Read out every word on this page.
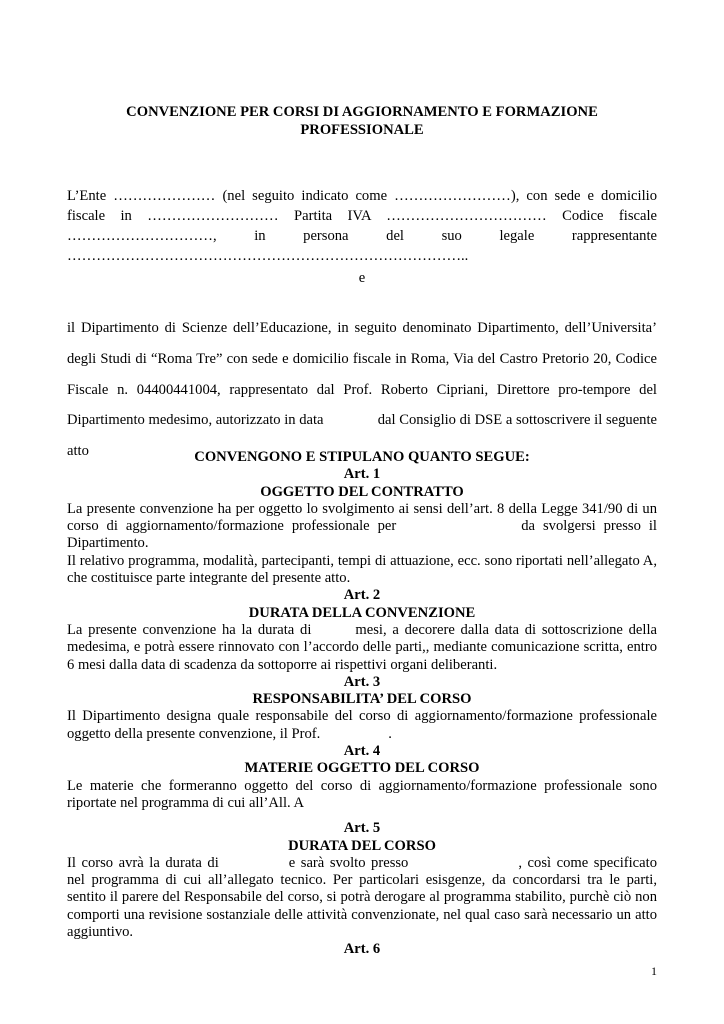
CONVENZIONE PER CORSI DI AGGIORNAMENTO E FORMAZIONE
PROFESSIONALE
L’Ente ………………… (nel seguito indicato come ……………………), con sede e domicilio
fiscale in ……………………… Partita IVA …………………………… Codice fiscale
…………………………, in persona del suo legale rappresentante
………………………………………………………………………..
e
il Dipartimento di Scienze dell’Educazione, in seguito denominato Dipartimento, dell’Universita’
degli Studi di “Roma Tre” con sede e domicilio fiscale in Roma, Via del Castro Pretorio 20, Codice
Fiscale n. 04400441004, rappresentato dal Prof. Roberto Cipriani, Direttore pro-tempore del
Dipartimento medesimo, autorizzato in data	dal Consiglio di DSE a sottoscrivere il seguente
atto	CONVENGONO E STIPULANO QUANTO SEGUE:
Art. 1
OGGETTO DEL CONTRATTO

La presente convenzione ha per oggetto lo svolgimento ai sensi dell’art. 8 della Legge 341/90 di un corso di aggiornamento/formazione professionale per	da svolgersi presso il Dipartimento.

Il relativo programma, modalità, partecipanti, tempi di attuazione, ecc. sono riportati nell’allegato A, che costituisce parte integrante del presente atto.

Art. 2
DURATA DELLA CONVENZIONE

La presente convenzione ha la durata di	mesi, a decorere dalla data di sottoscrizione della medesima, e potrà essere rinnovato con l’accordo delle parti,, mediante comunicazione scritta, entro 6 mesi dalla data di scadenza da sottoporre ai rispettivi organi deliberanti.

Art. 3
RESPONSABILITA’ DEL CORSO

Il Dipartimento designa quale responsabile del corso di aggiornamento/formazione professionale oggetto della presente convenzione, il Prof.	.

Art. 4
MATERIE OGGETTO DEL CORSO

Le materie che formeranno oggetto del corso di aggiornamento/formazione professionale sono riportate nel programma di cui all’All. A

Art. 5
DURATA DEL CORSO

Il corso avrà la durata di	e sarà svolto presso	, così come specificato nel programma di cui all’allegato tecnico. Per particolari esisgenze, da concordarsi tra le parti, sentito il parere del Responsabile del corso, si potrà derogare al programma stabilito, purchè ciò non comporti una revisione sostanziale delle attività convenzionate, nel qual caso sarà necessario un atto aggiuntivo.

Art. 6
1
